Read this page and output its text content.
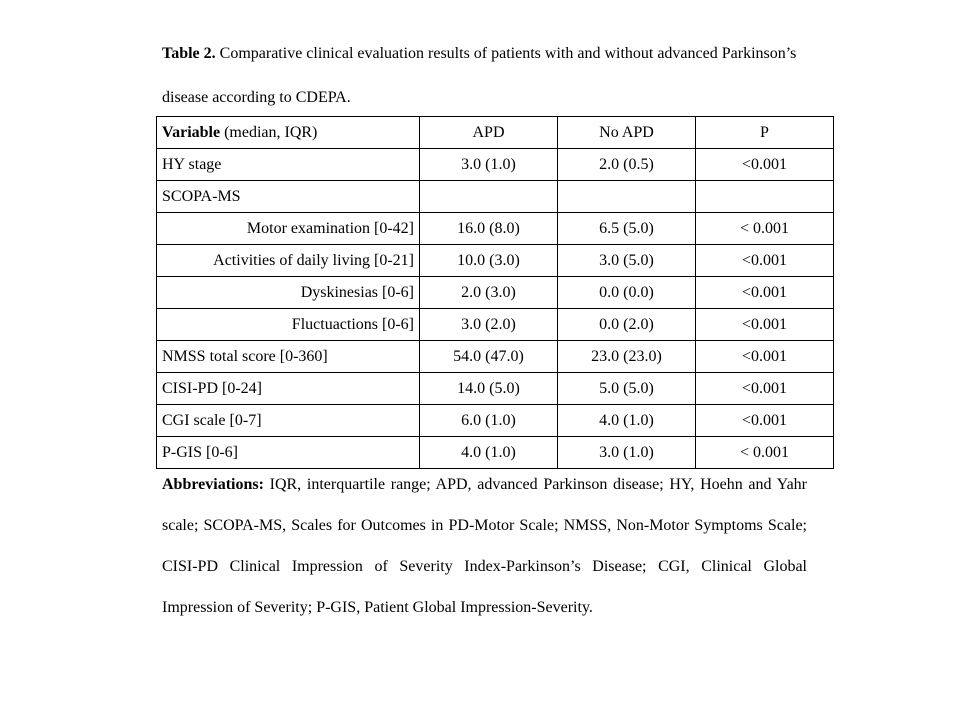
Table 2. Comparative clinical evaluation results of patients with and without advanced Parkinson’s disease according to CDEPA.
Variable (median, IQR)	APD	No APD	P
HY stage	3.0 (1.0)	2.0 (0.5)	<0.001
SCOPA-MS			
Motor examination [0-42]	16.0 (8.0)	6.5 (5.0)	< 0.001
Activities of daily living [0-21]	10.0 (3.0)	3.0 (5.0)	<0.001
Dyskinesias [0-6]	2.0 (3.0)	0.0 (0.0)	<0.001
Fluctuactions [0-6]	3.0 (2.0)	0.0 (2.0)	<0.001
NMSS total score [0-360]	54.0 (47.0)	23.0 (23.0)	<0.001
CISI-PD [0-24]	14.0 (5.0)	5.0 (5.0)	<0.001
CGI scale [0-7]	6.0 (1.0)	4.0 (1.0)	<0.001
P-GIS [0-6]	4.0 (1.0)	3.0 (1.0)	< 0.001
Abbreviations: IQR, interquartile range; APD, advanced Parkinson disease; HY, Hoehn and Yahr scale; SCOPA-MS, Scales for Outcomes in PD-Motor Scale; NMSS, Non-Motor Symptoms Scale; CISI-PD Clinical Impression of Severity Index-Parkinson’s Disease; CGI, Clinical Global Impression of Severity; P-GIS, Patient Global Impression-Severity.
